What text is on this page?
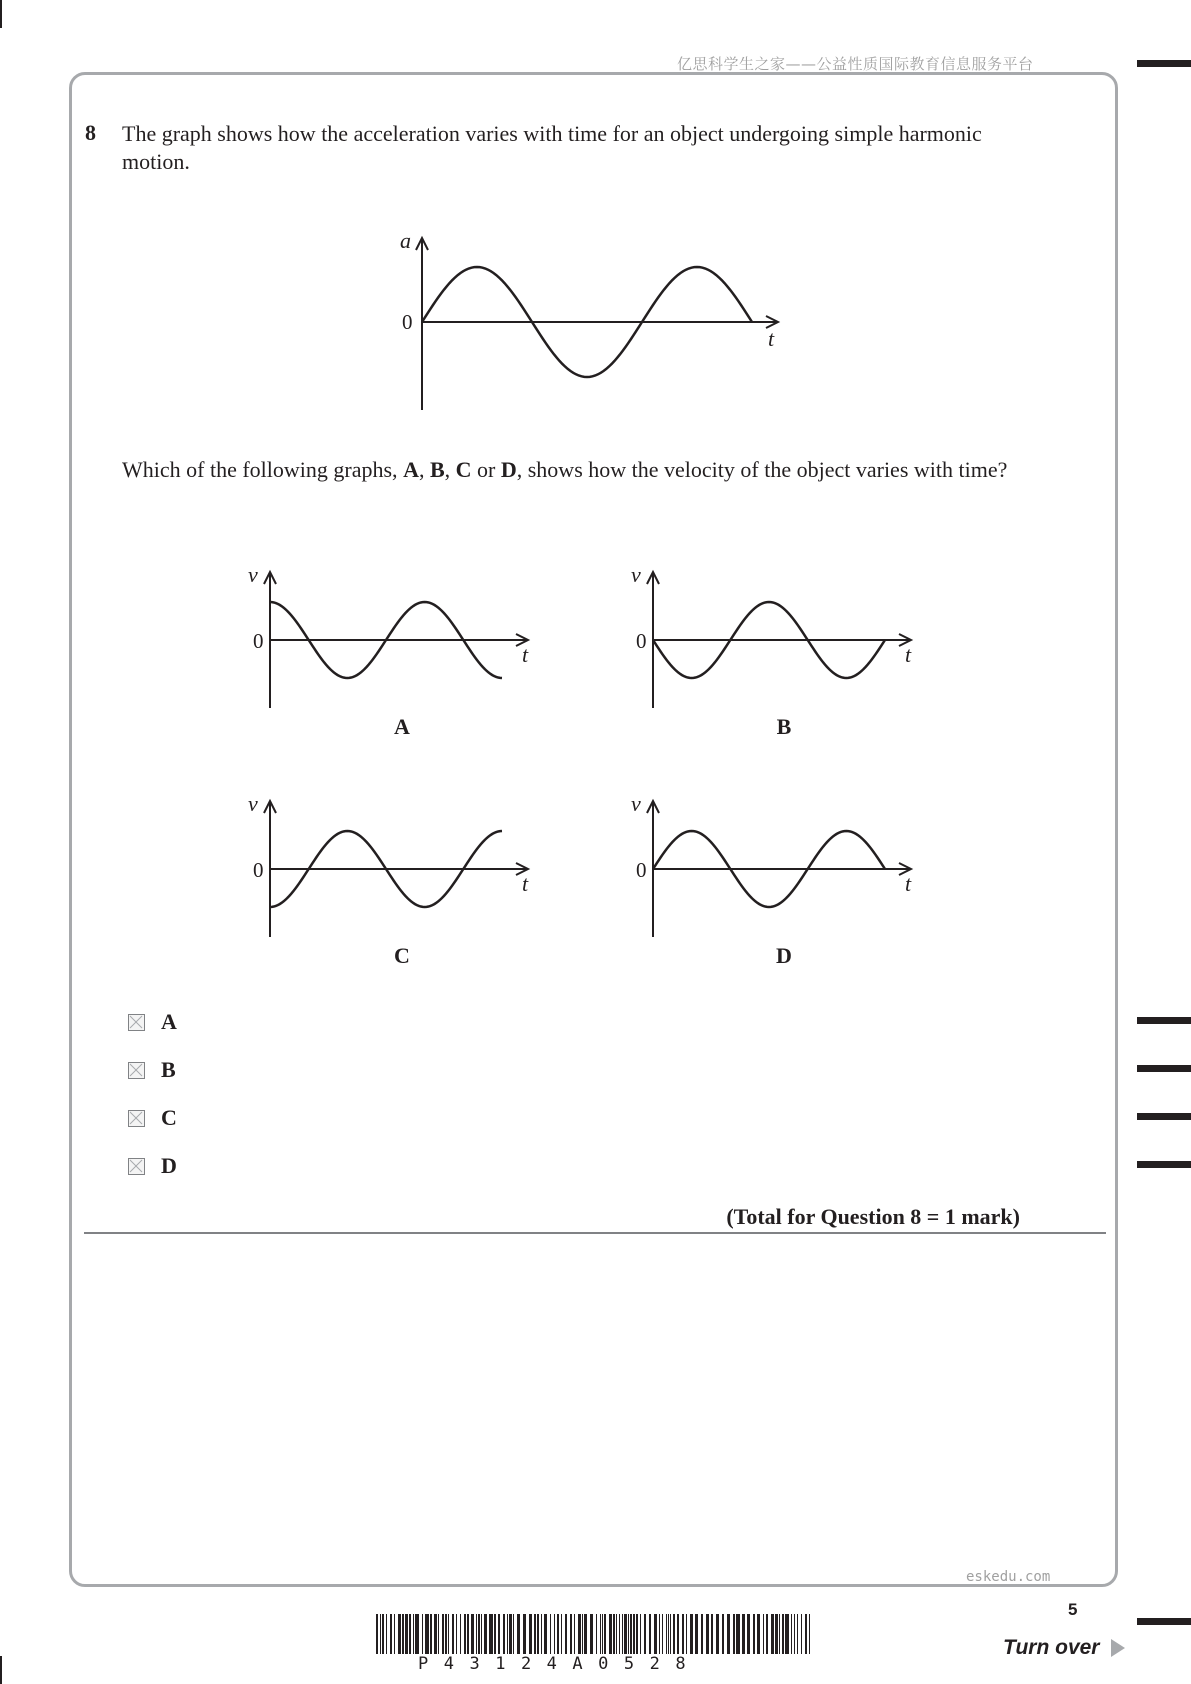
亿思科学生之家——公益性质国际教育信息服务平台
8 The graph shows how the acceleration varies with time for an object undergoing simple harmonic motion.
a
0
t
Which of the following graphs, A, B, C or D, shows how the velocity of the object varies with time?
v
0
t
A
v
0
t
B
v
0
t
C
v
0
t
D
A
B
C
D
(Total for Question 8 = 1 mark)
eskedu.com
5
P43124A0528
Turn over
